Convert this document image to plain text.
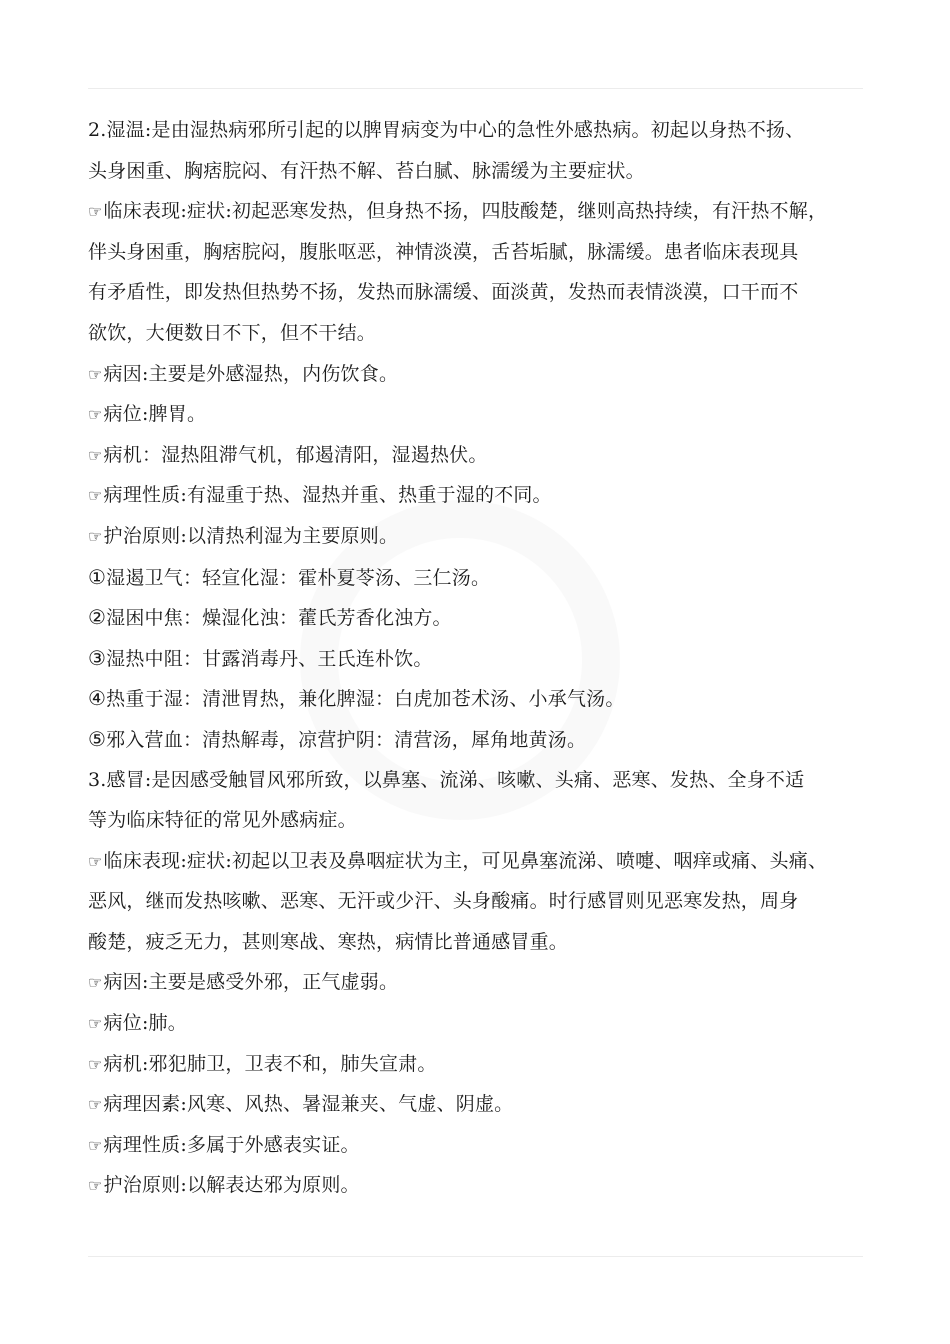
2.湿温:是由湿热病邪所引起的以脾胃病变为中心的急性外感热病。初起以身热不扬、
头身困重、胸痞脘闷、有汗热不解、苔白腻、脉濡缓为主要症状。
☞临床表现:症状:初起恶寒发热，但身热不扬，四肢酸楚，继则高热持续，有汗热不解，
伴头身困重，胸痞脘闷，腹胀呕恶，神情淡漠，舌苔垢腻，脉濡缓。患者临床表现具
有矛盾性，即发热但热势不扬，发热而脉濡缓、面淡黄，发热而表情淡漠，口干而不
欲饮，大便数日不下，但不干结。
☞病因:主要是外感湿热，内伤饮食。
☞病位:脾胃。
☞病机：湿热阻滞气机，郁遏清阳，湿遏热伏。
☞病理性质:有湿重于热、湿热并重、热重于湿的不同。
☞护治原则:以清热利湿为主要原则。
①湿遏卫气：轻宣化湿：霍朴夏苓汤、三仁汤。
②湿困中焦：燥湿化浊：藿氏芳香化浊方。
③湿热中阻：甘露消毒丹、王氏连朴饮。
④热重于湿：清泄胃热，兼化脾湿：白虎加苍术汤、小承气汤。
⑤邪入营血：清热解毒，凉营护阴：清营汤，犀角地黄汤。
3.感冒:是因感受触冒风邪所致，以鼻塞、流涕、咳嗽、头痛、恶寒、发热、全身不适
等为临床特征的常见外感病症。
☞临床表现:症状:初起以卫表及鼻咽症状为主，可见鼻塞流涕、喷嚏、咽痒或痛、头痛、
恶风，继而发热咳嗽、恶寒、无汗或少汗、头身酸痛。时行感冒则见恶寒发热，周身
酸楚，疲乏无力，甚则寒战、寒热，病情比普通感冒重。
☞病因:主要是感受外邪，正气虚弱。
☞病位:肺。
☞病机:邪犯肺卫，卫表不和，肺失宣肃。
☞病理因素:风寒、风热、暑湿兼夹、气虚、阴虚。
☞病理性质:多属于外感表实证。
☞护治原则:以解表达邪为原则。
